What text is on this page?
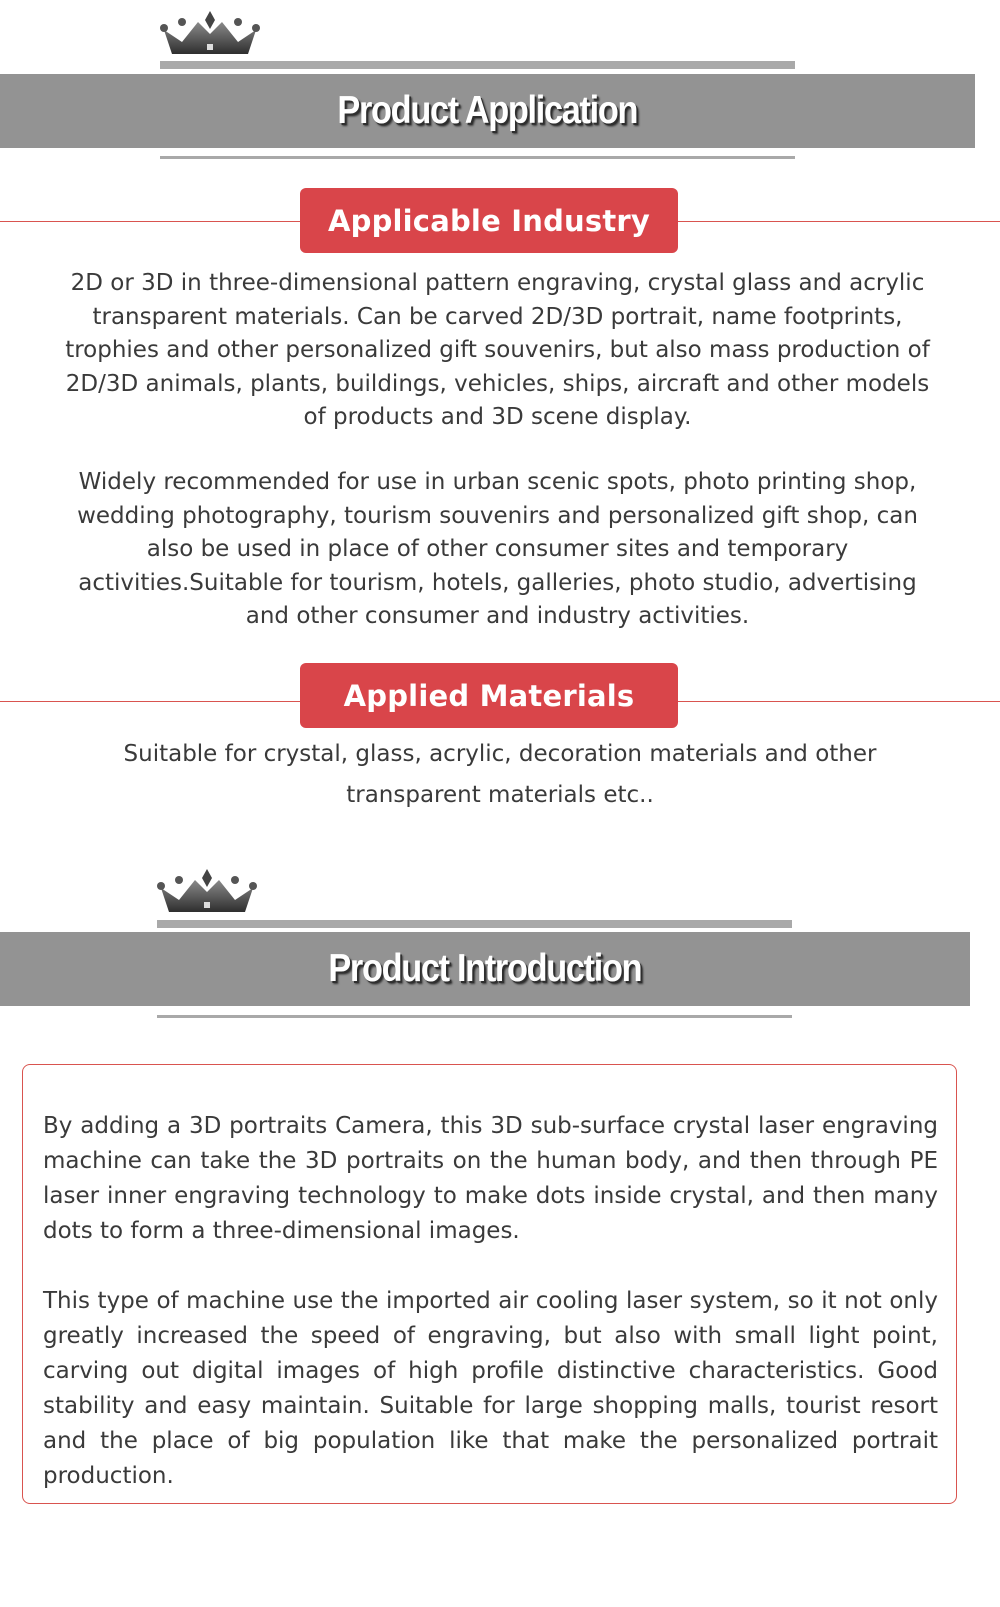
Product Application
Applicable Industry

2D or 3D in three-dimensional pattern engraving, crystal glass and acrylic transparent materials. Can be carved 2D/3D portrait, name footprints, trophies and other personalized gift souvenirs, but also mass production of 2D/3D animals, plants, buildings, vehicles, ships, aircraft and other models of products and 3D scene display.

Widely recommended for use in urban scenic spots, photo printing shop, wedding photography, tourism souvenirs and personalized gift shop, can also be used in place of other consumer sites and temporary activities.Suitable for tourism, hotels, galleries, photo studio, advertising and other consumer and industry activities.

Applied Materials

Suitable for crystal, glass, acrylic, decoration materials and other transparent materials etc..

Product Introduction

By adding a 3D portraits Camera, this 3D sub-surface crystal laser engraving machine can take the 3D portraits on the human body, and then through PE laser inner engraving technology to make dots inside crystal, and then many dots to form a three-dimensional images.

This type of machine use the imported air cooling laser system, so it not only greatly increased the speed of engraving, but also with small light point, carving out digital images of high profile distinctive characteristics. Good stability and easy maintain. Suitable for large shopping malls, tourist resort and the place of big population like that make the personalized portrait production.
